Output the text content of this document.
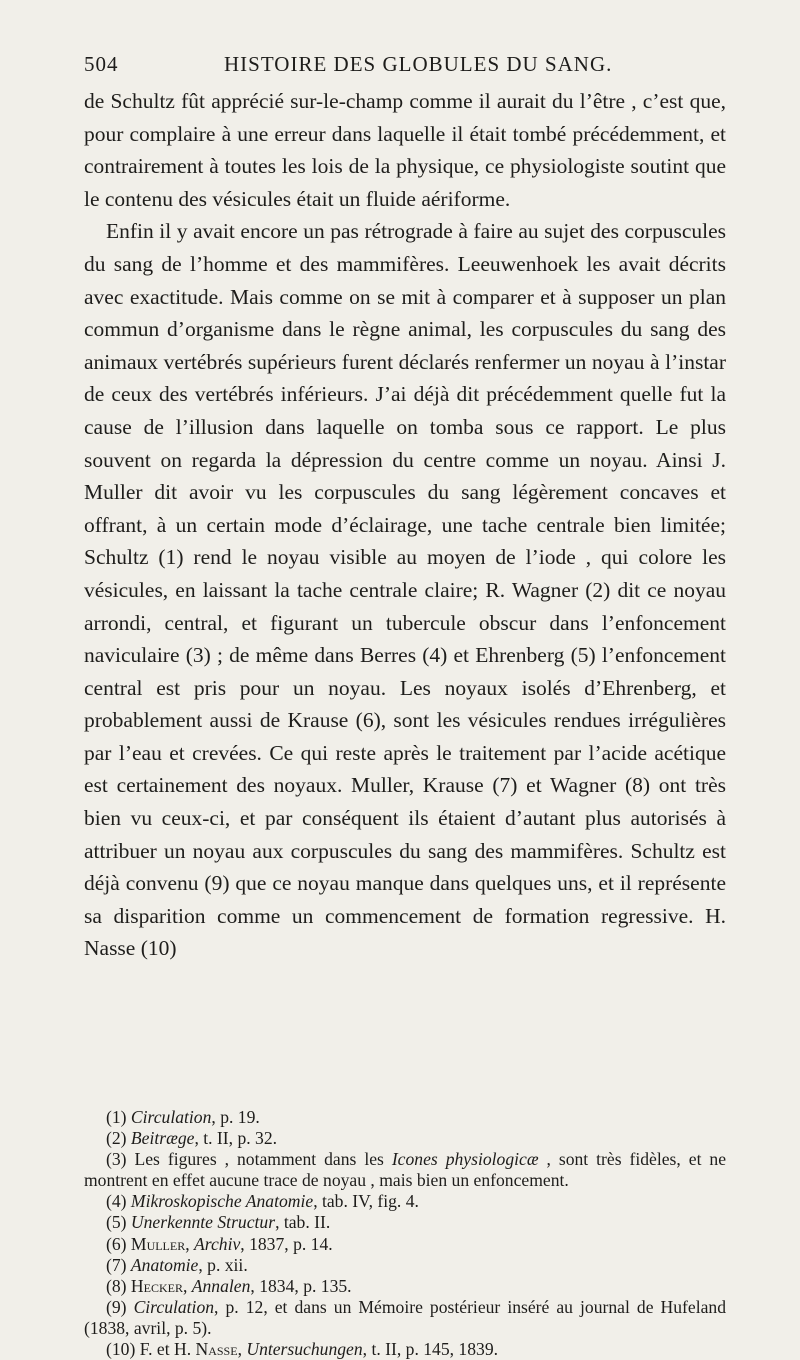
504	HISTOIRE DES GLOBULES DU SANG.

de Schultz fût apprécié sur-le-champ comme il aurait du l’être , c’est que, pour complaire à une erreur dans laquelle il était tombé précédemment, et contrairement à toutes les lois de la physique, ce physiologiste soutint que le contenu des vésicules était un fluide aériforme.

Enfin il y avait encore un pas rétrograde à faire au sujet des corpuscules du sang de l’homme et des mammifères. Leeuwenhoek les avait décrits avec exactitude. Mais comme on se mit à comparer et à supposer un plan commun d’organisme dans le règne animal, les corpuscules du sang des animaux vertébrés supérieurs furent déclarés renfermer un noyau à l’instar de ceux des vertébrés inférieurs. J’ai déjà dit précédemment quelle fut la cause de l’illusion dans laquelle on tomba sous ce rapport. Le plus souvent on regarda la dépression du centre comme un noyau. Ainsi J. Muller dit avoir vu les corpuscules du sang légèrement concaves et offrant, à un certain mode d’éclairage, une tache centrale bien limitée; Schultz (1) rend le noyau visible au moyen de l’iode , qui colore les vésicules, en laissant la tache centrale claire; R. Wagner (2) dit ce noyau arrondi, central, et figurant un tubercule obscur dans l’enfoncement naviculaire (3) ; de même dans Berres (4) et Ehrenberg (5) l’enfoncement central est pris pour un noyau. Les noyaux isolés d’Ehrenberg, et probablement aussi de Krause (6), sont les vésicules rendues irrégulières par l’eau et crevées. Ce qui reste après le traitement par l’acide acétique est certainement des noyaux. Muller, Krause (7) et Wagner (8) ont très bien vu ceux-ci, et par conséquent ils étaient d’autant plus autorisés à attribuer un noyau aux corpuscules du sang des mammifères. Schultz est déjà convenu (9) que ce noyau manque dans quelques uns, et il représente sa disparition comme un commencement de formation regressive. H. Nasse (10)

(1) Circulation, p. 19.

(2) Beitræge, t. II, p. 32.

(3) Les figures , notamment dans les Icones physiologicæ , sont très fidèles, et ne montrent en effet aucune trace de noyau , mais bien un enfoncement.

(4) Mikroskopische Anatomie, tab. IV, fig. 4.

(5) Unerkennte Structur, tab. II.

(6) Muller, Archiv, 1837, p. 14.

(7) Anatomie, p. xii.

(8) Hecker, Annalen, 1834, p. 135.

(9) Circulation, p. 12, et dans un Mémoire postérieur inséré au journal de Hufeland (1838, avril, p. 5).

(10) F. et H. Nasse, Untersuchungen, t. II, p. 145, 1839.
